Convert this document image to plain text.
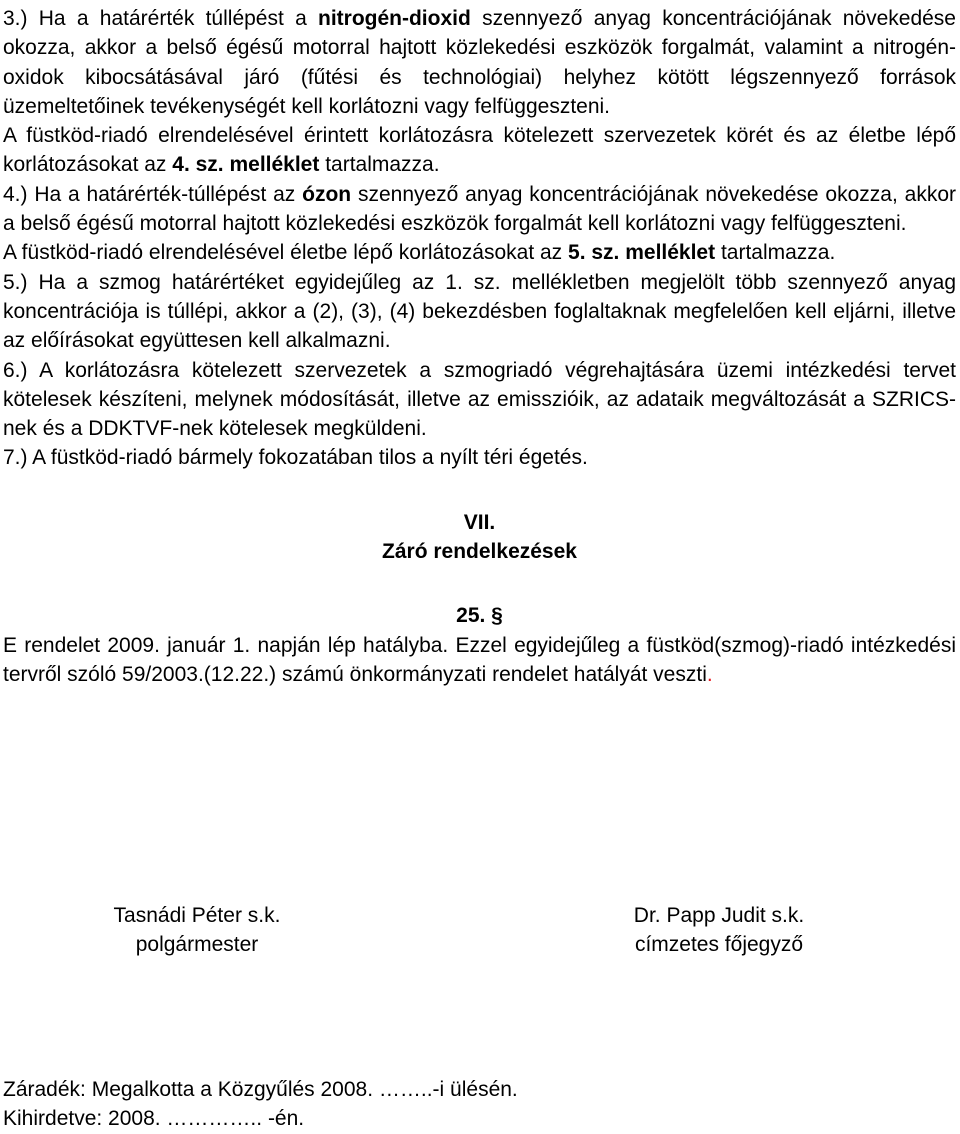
3.) Ha a határérték túllépést a nitrogén-dioxid szennyező anyag koncentrációjának növekedése okozza, akkor a belső égésű motorral hajtott közlekedési eszközök forgalmát, valamint a nitrogén-oxidok kibocsátásával járó (fűtési és technológiai) helyhez kötött légszennyező források üzemeltetőinek tevékenységét kell korlátozni vagy felfüggeszteni.

A füstköd-riadó elrendelésével érintett korlátozásra kötelezett szervezetek körét és az életbe lépő korlátozásokat az 4. sz. melléklet tartalmazza.

4.) Ha a határérték-túllépést az ózon szennyező anyag koncentrációjának növekedése okozza, akkor a belső égésű motorral hajtott közlekedési eszközök forgalmát kell korlátozni vagy felfüggeszteni.

A füstköd-riadó elrendelésével életbe lépő korlátozásokat az 5. sz. melléklet tartalmazza.

5.) Ha a szmog határértéket egyidejűleg az 1. sz. mellékletben megjelölt több szennyező anyag koncentrációja is túllépi, akkor a (2), (3), (4) bekezdésben foglaltaknak megfelelően kell eljárni, illetve az előírásokat együttesen kell alkalmazni.

6.) A korlátozásra kötelezett szervezetek a szmogriadó végrehajtására üzemi intézkedési tervet kötelesek készíteni, melynek módosítását, illetve az emisszióik, az adataik megváltozását a SZRICS-nek és a DDKTVF-nek kötelesek megküldeni.

7.) A füstköd-riadó bármely fokozatában tilos a nyílt téri égetés.

VII.

Záró rendelkezések

25. §

E rendelet 2009. január 1. napján lép hatályba. Ezzel egyidejűleg a füstköd(szmog)-riadó intézkedési tervről szóló 59/2003.(12.22.) számú önkormányzati rendelet hatályát veszti.

Tasnádi Péter s.k.
polgármester
Dr. Papp Judit s.k.
címzetes főjegyző

Záradék: Megalkotta a Közgyűlés 2008. ……..-i ülésén.

Kihirdetve: 2008. ………….. -én.
